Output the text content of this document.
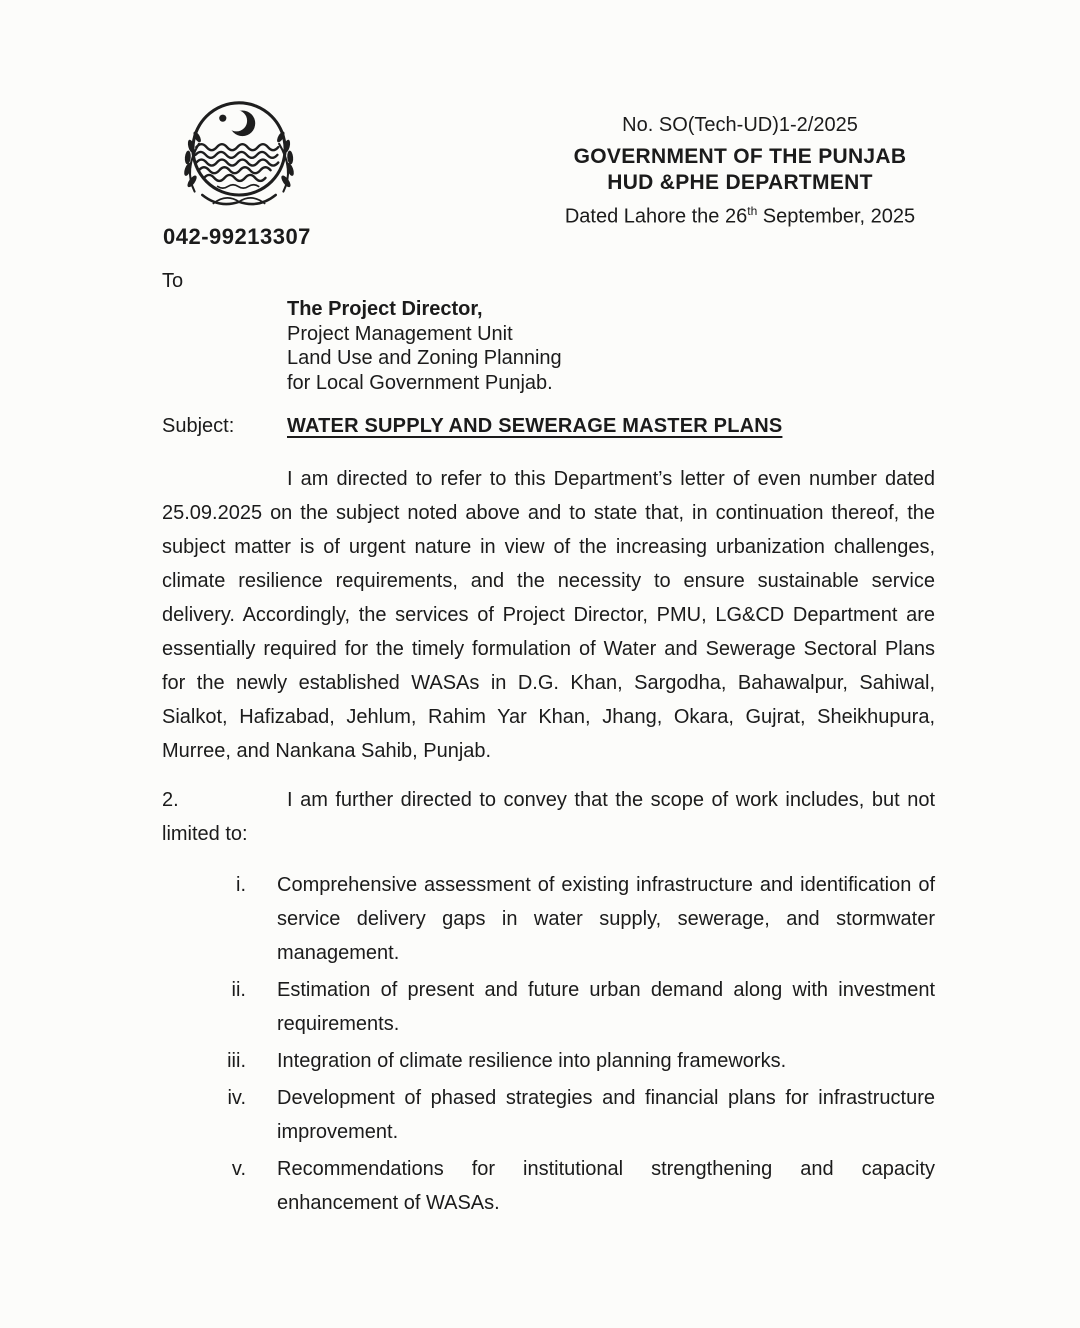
042-99213307
No. SO(Tech-UD)1-2/2025
GOVERNMENT OF THE PUNJAB
HUD &PHE DEPARTMENT
Dated Lahore the 26th September, 2025
To
The Project Director,
Project Management Unit
Land Use and Zoning Planning
for Local Government Punjab.
Subject:	WATER SUPPLY AND SEWERAGE MASTER PLANS

I am directed to refer to this Department’s letter of even number dated 25.09.2025 on the subject noted above and to state that, in continuation thereof, the subject matter is of urgent nature in view of the increasing urbanization challenges, climate resilience requirements, and the necessity to ensure sustainable service delivery. Accordingly, the services of Project Director, PMU, LG&CD Department are essentially required for the timely formulation of Water and Sewerage Sectoral Plans for the newly established WASAs in D.G. Khan, Sargodha, Bahawalpur, Sahiwal, Sialkot, Hafizabad, Jehlum, Rahim Yar Khan, Jhang, Okara, Gujrat, Sheikhupura, Murree, and Nankana Sahib, Punjab.

2.	I am further directed to convey that the scope of work includes, but not limited to:

i. Comprehensive assessment of existing infrastructure and identification of service delivery gaps in water supply, sewerage, and stormwater management.
ii. Estimation of present and future urban demand along with investment requirements.
iii. Integration of climate resilience into planning frameworks.
iv. Development of phased strategies and financial plans for infrastructure improvement.
v. Recommendations for institutional strengthening and capacity enhancement of WASAs.
